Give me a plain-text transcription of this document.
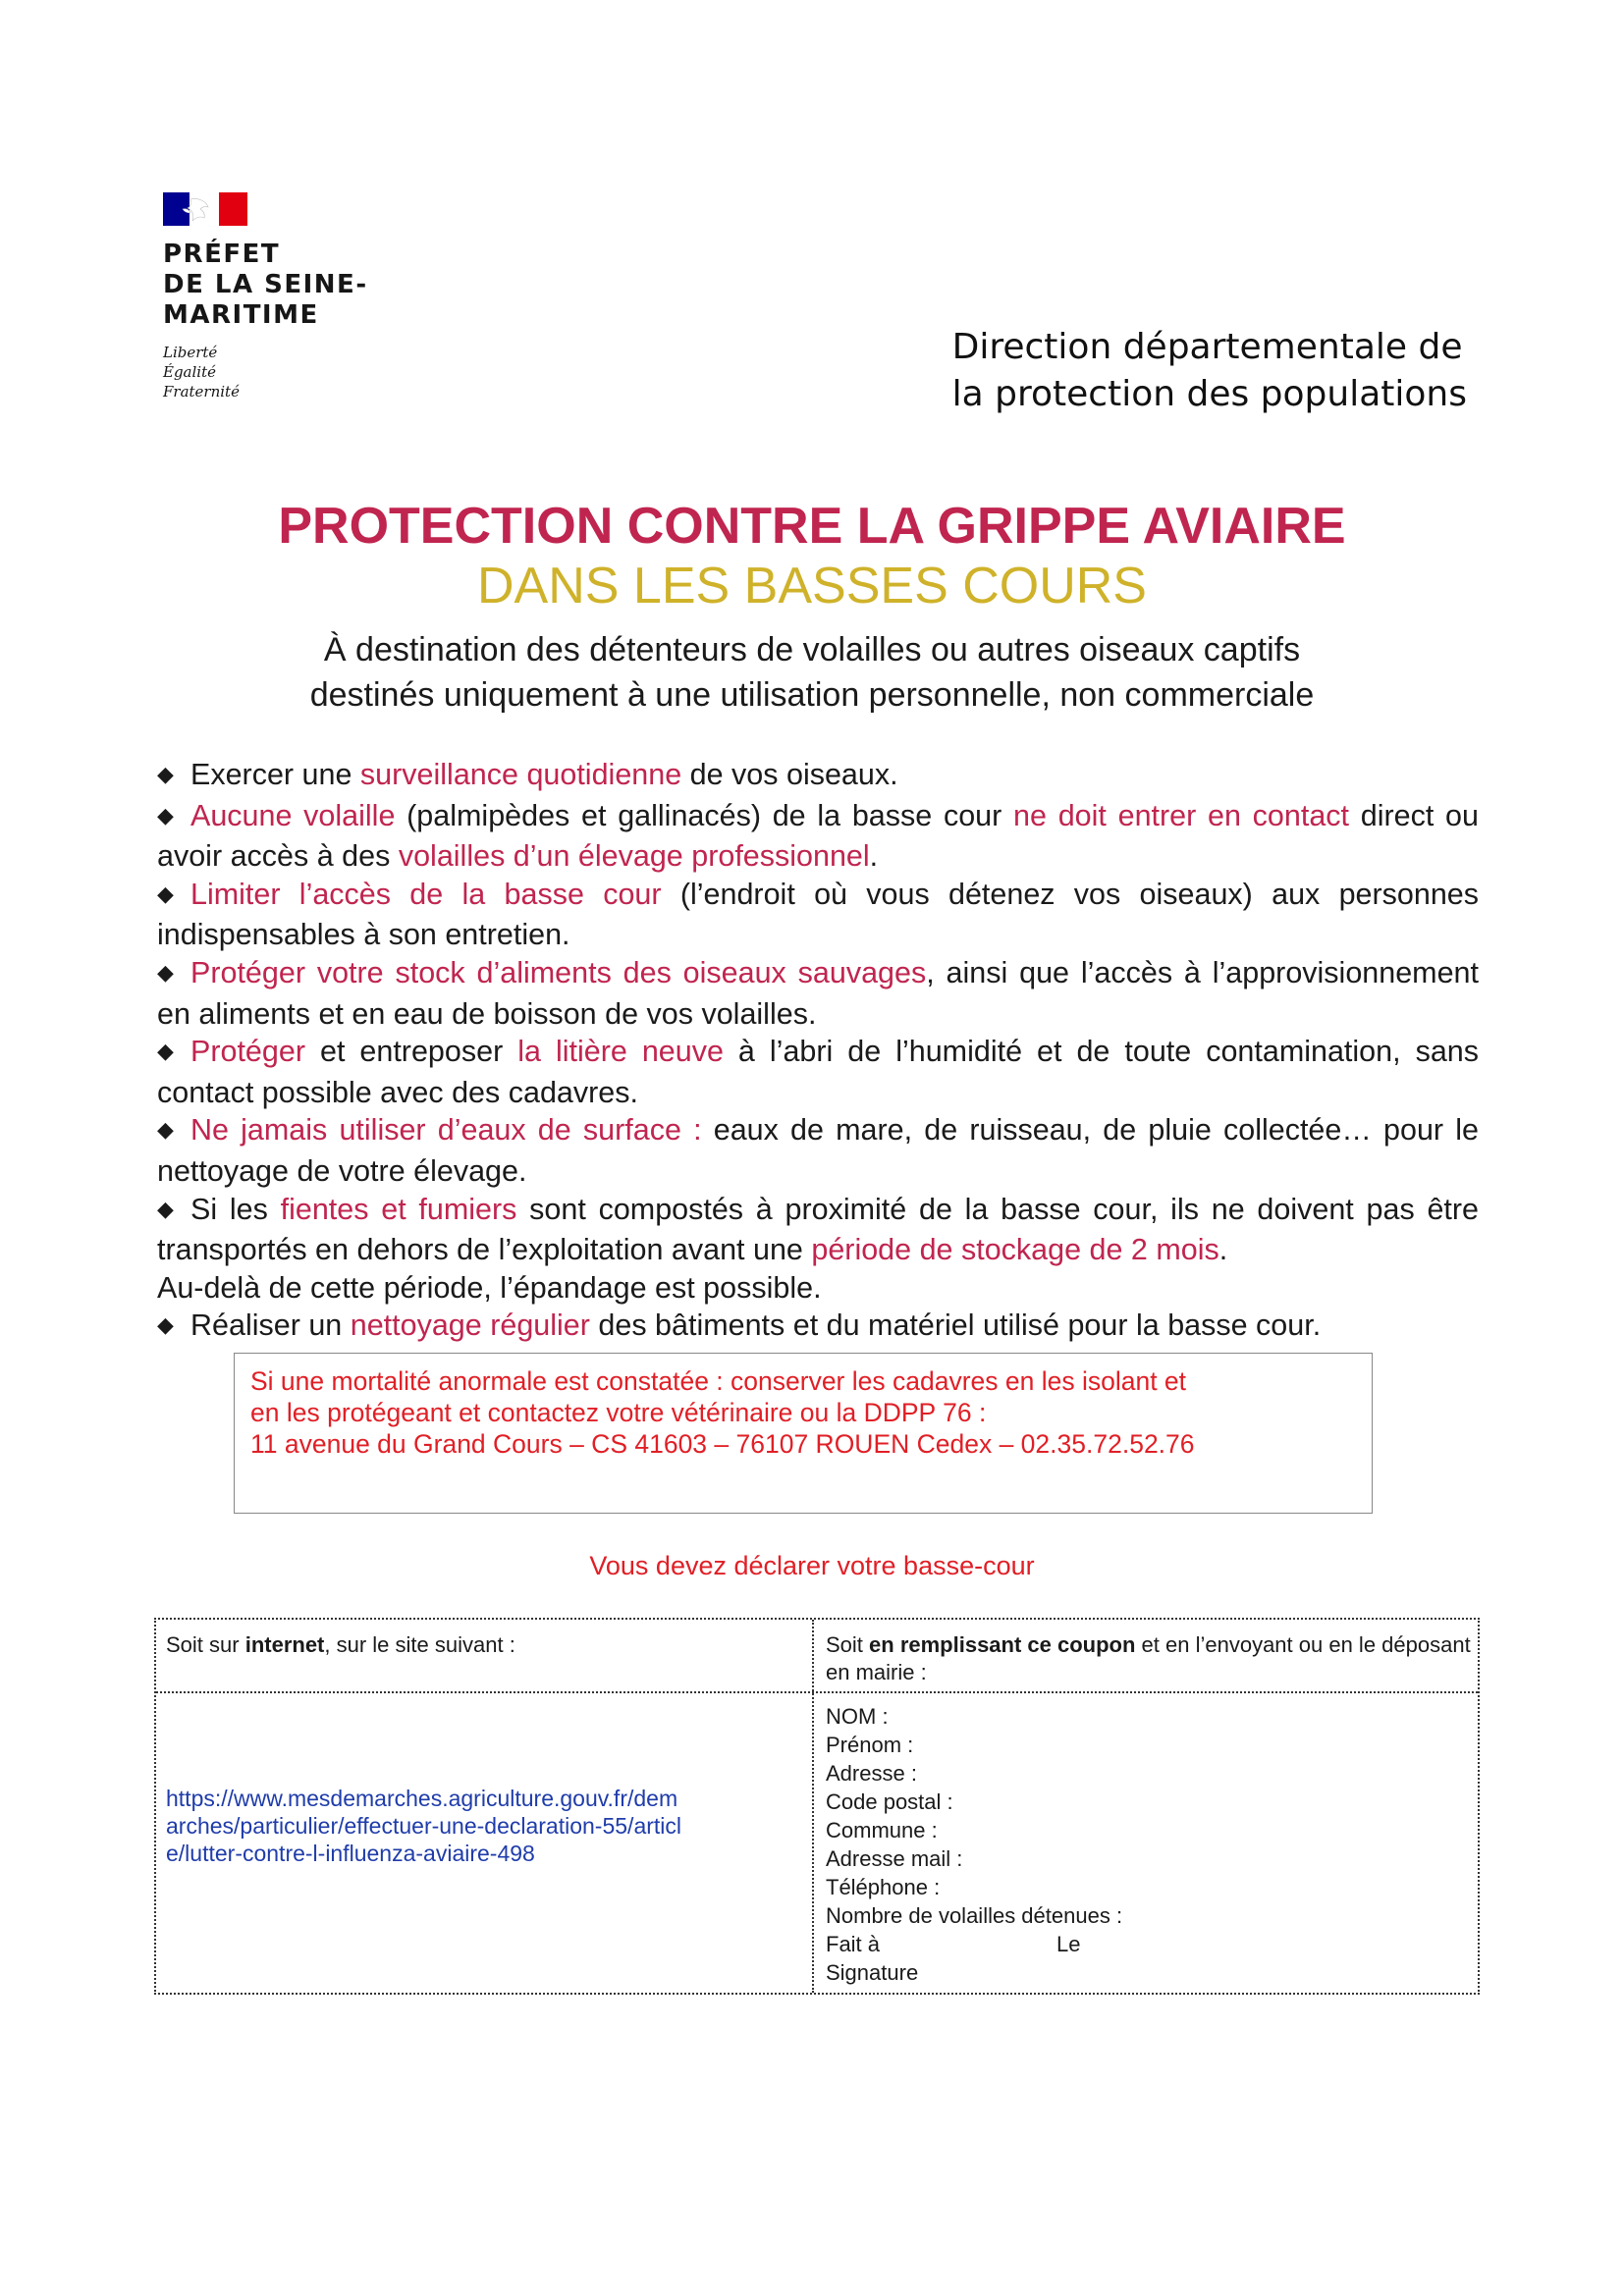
PRÉFET
DE LA SEINE-
MARITIME
Liberté
Égalité
Fraternité
Direction départementale de
la protection des populations
PROTECTION CONTRE LA GRIPPE AVIAIRE
DANS LES BASSES COURS
À destination des détenteurs de volailles ou autres oiseaux captifs
destinés uniquement à une utilisation personnelle, non commerciale

◆ Exercer une surveillance quotidienne de vos oiseaux.

◆ Aucune volaille (palmipèdes et gallinacés) de la basse cour ne doit entrer en contact direct ou avoir accès à des volailles d’un élevage professionnel.

◆ Limiter l’accès de la basse cour (l’endroit où vous détenez vos oiseaux) aux personnes indispensables à son entretien.

◆ Protéger votre stock d’aliments des oiseaux sauvages, ainsi que l’accès à l’approvisionnement en aliments et en eau de boisson de vos volailles.

◆ Protéger et entreposer la litière neuve à l’abri de l’humidité et de toute contamination, sans contact possible avec des cadavres.

◆ Ne jamais utiliser d’eaux de surface : eaux de mare, de ruisseau, de pluie collectée… pour le nettoyage de votre élevage.

◆ Si les fientes et fumiers sont compostés à proximité de la basse cour, ils ne doivent pas être transportés en dehors de l’exploitation avant une période de stockage de 2 mois.

Au-delà de cette période, l’épandage est possible.

◆ Réaliser un nettoyage régulier des bâtiments et du matériel utilisé pour la basse cour.

Si une mortalité anormale est constatée : conserver les cadavres en les isolant et
en les protégeant et contactez votre vétérinaire ou la DDPP 76 :
11 avenue du Grand Cours – CS 41603 – 76107 ROUEN Cedex – 02.35.72.52.76
Vous devez déclarer votre basse-cour
Soit sur internet, sur le site suivant :	Soit en remplissant ce coupon et en l’envoyant ou en le déposant en mairie :
https://www.mesdemarches.agriculture.gouv.fr/dem
arches/particulier/effectuer-une-declaration-55/articl
e/lutter-contre-l-influenza-aviaire-498
NOM :
Prénom :
Adresse :
Code postal :
Commune :
Adresse mail :
Téléphone :
Nombre de volailles détenues :
Fait à	Le
Signature
